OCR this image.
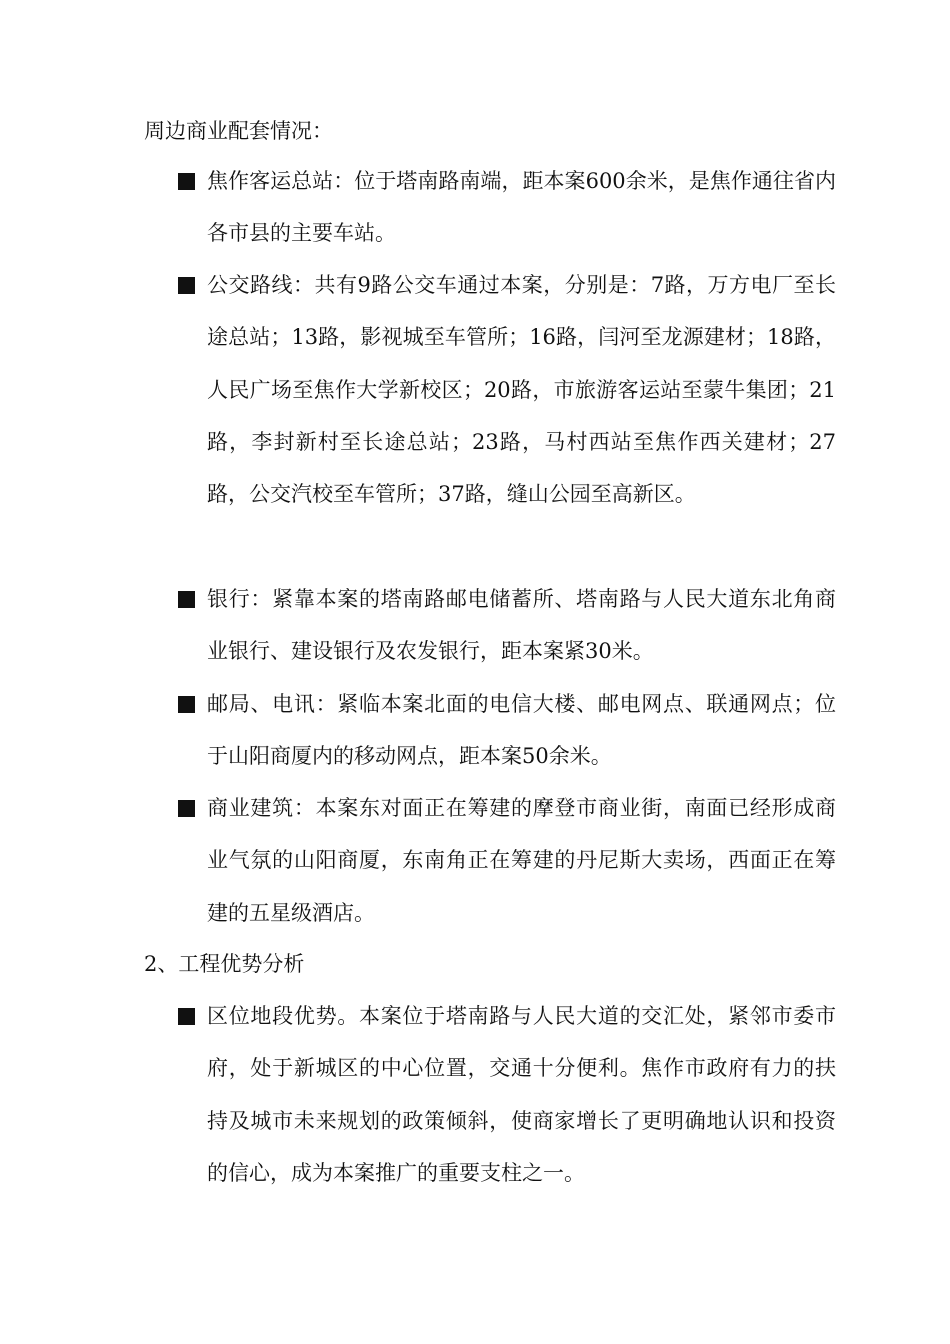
周边商业配套情况：
焦作客运总站：位于塔南路南端，距本案600余米，是焦作通往省内各市县的主要车站。
公交路线：共有9路公交车通过本案，分别是：7路，万方电厂至长途总站；13路，影视城至车管所；16路，闫河至龙源建材；18路，人民广场至焦作大学新校区；20路，市旅游客运站至蒙牛集团；21路，李封新村至长途总站；23路，马村西站至焦作西关建材；27路，公交汽校至车管所；37路，缝山公园至高新区。
银行：紧靠本案的塔南路邮电储蓄所、塔南路与人民大道东北角商业银行、建设银行及农发银行，距本案紧30米。
邮局、电讯：紧临本案北面的电信大楼、邮电网点、联通网点；位于山阳商厦内的移动网点，距本案50余米。
商业建筑：本案东对面正在筹建的摩登市商业街，南面已经形成商业气氛的山阳商厦，东南角正在筹建的丹尼斯大卖场，西面正在筹建的五星级酒店。
2、工程优势分析
区位地段优势。本案位于塔南路与人民大道的交汇处，紧邻市委市府，处于新城区的中心位置，交通十分便利。焦作市政府有力的扶持及城市未来规划的政策倾斜，使商家增长了更明确地认识和投资的信心，成为本案推广的重要支柱之一。
